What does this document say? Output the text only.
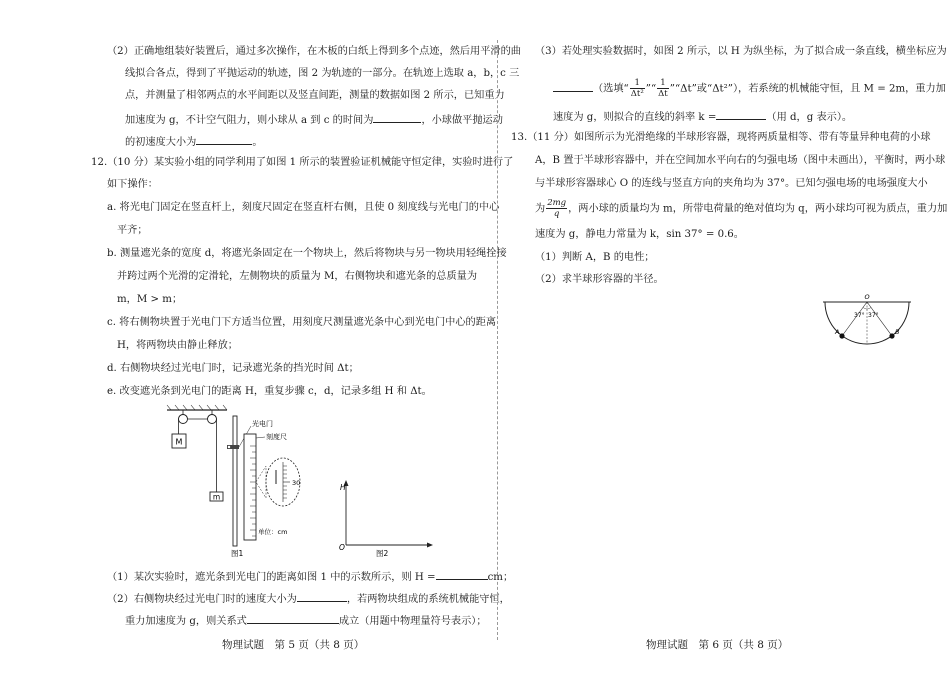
（2）正确地组装好装置后，通过多次操作，在木板的白纸上得到多个点迹，然后用平滑的曲
线拟合各点，得到了平抛运动的轨迹，图 2 为轨迹的一部分。在轨迹上选取 a，b，c 三
点，并测量了相邻两点的水平间距以及竖直间距，测量的数据如图 2 所示，已知重力
加速度为 g，不计空气阻力，则小球从 a 到 c 的时间为	，小球做平抛运动
的初速度大小为	。
12.（10 分）某实验小组的同学利用了如图 1 所示的装置验证机械能守恒定律，实验时进行了
如下操作：
a. 将光电门固定在竖直杆上，刻度尺固定在竖直杆右侧，且使 0 刻度线与光电门的中心
平齐；
b. 测量遮光条的宽度 d，将遮光条固定在一个物块上，然后将物块与另一物块用轻绳拴接
并跨过两个光滑的定滑轮，左侧物块的质量为 M，右侧物块和遮光条的总质量为
m，M > m；
c. 将右侧物块置于光电门下方适当位置，用刻度尺测量遮光条中心到光电门中心的距离
H，将两物块由静止释放；
d. 右侧物块经过光电门时，记录遮光条的挡光时间 Δt；
e. 改变遮光条到光电门的距离 H，重复步骤 c，d，记录多组 H 和 Δt。
M
m
光电门
刻度尺
单位：cm
30
图1
H
O
图2
（1）某次实验时，遮光条到光电门的距离如图 1 中的示数所示，则 H =	cm；
（2）右侧物块经过光电门时的速度大小为	，若两物块组成的系统机械能守恒，
重力加速度为 g，则关系式	成立（用题中物理量符号表示）；
物理试题　第 5 页（共 8 页）
（3）若处理实验数据时，如图 2 所示，以 H 为纵坐标，为了拟合成一条直线，横坐标应为
（选填“ $\frac{1}{\text{Δt²}}$ ”“ $\frac{1}{\Delta t}$ ”“Δt”或“Δt²”），若系统的机械能守恒，且 M = 2m，重力加
速度为 g，则拟合的直线的斜率 k =	（用 d，g 表示）。
13.（11 分）如图所示为光滑绝缘的半球形容器，现将两质量相等、带有等量异种电荷的小球
A，B 置于半球形容器中，并在空间加水平向右的匀强电场（图中未画出），平衡时，两小球
与半球形容器球心 O 的连线与竖直方向的夹角均为 37°。已知匀强电场的电场强度大小
为 $\frac{2mg}{q}$ ，两小球的质量均为 m，所带电荷量的绝对值均为 q，两小球均可视为质点，重力加
速度为 g，静电力常量为 k，sin 37° = 0.6。
（1）判断 A，B 的电性；
（2）求半球形容器的半径。
O
37° 37°
A	B
物理试题　第 6 页（共 8 页）
